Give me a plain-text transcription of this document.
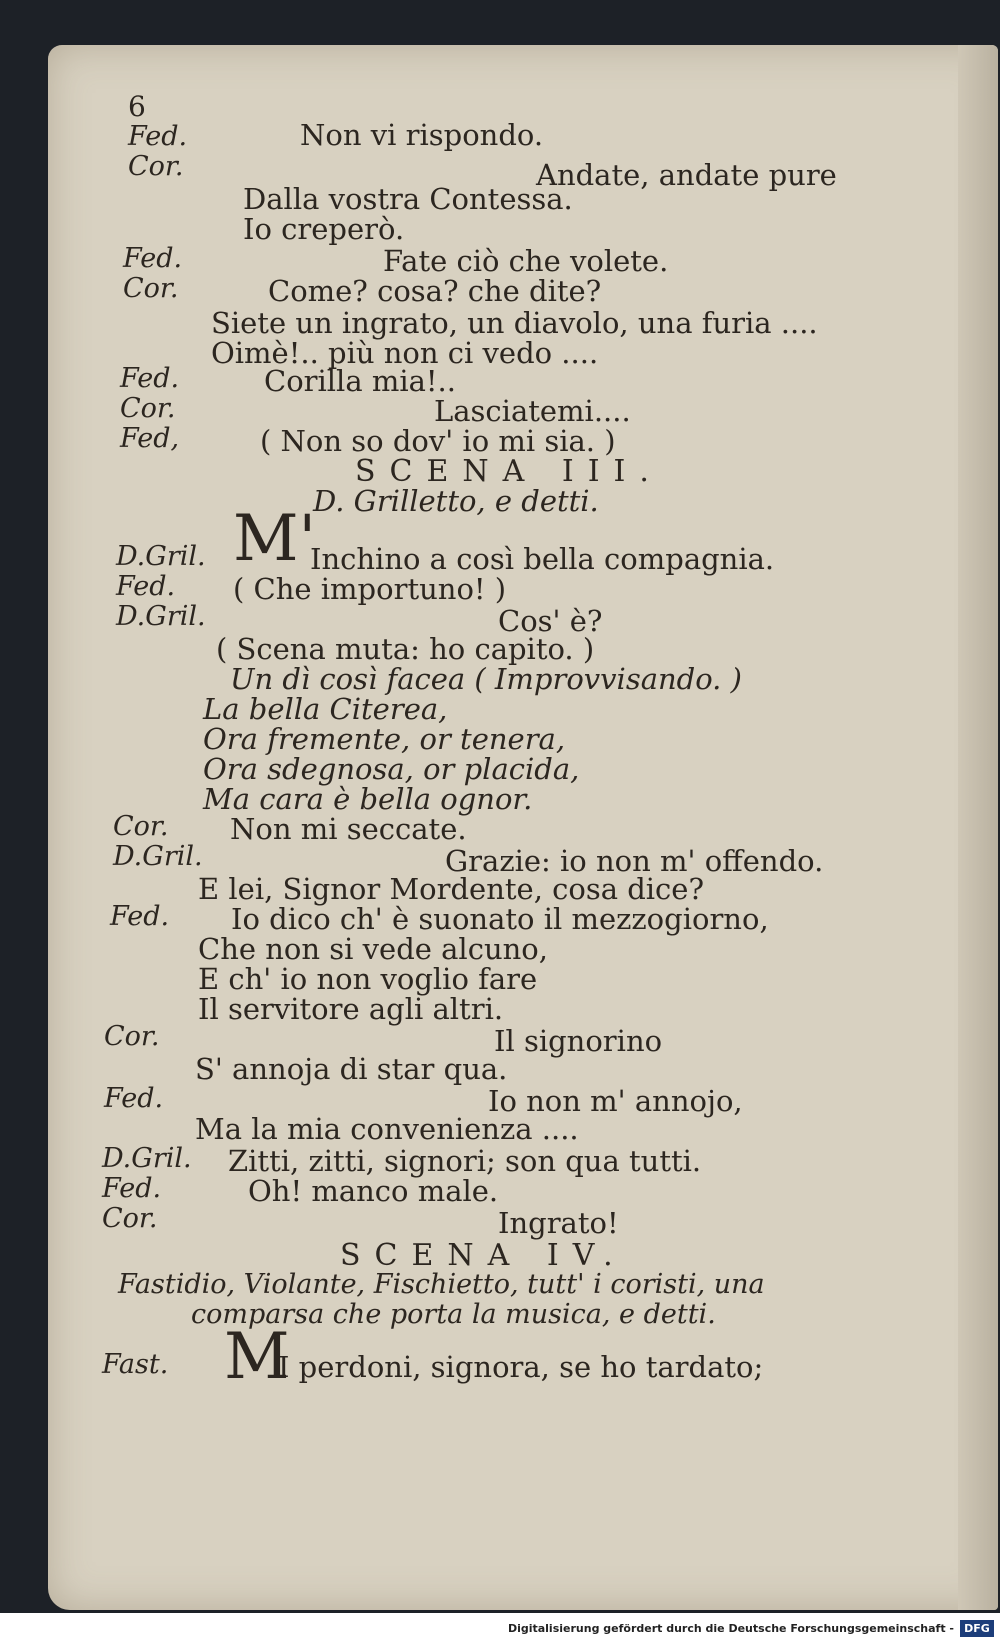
6
Fed.	Non vi rispondo.
Cor.	Andate, andate pure
Dalla vostra Contessa.
Io creperò.
Fed.	Fate ciò che volete.
Cor.	Come? cosa? che dite?
Siete un ingrato, un diavolo, una furia ....
Oimè!.. più non ci vedo ....
Fed.	Corilla mia!..
Cor.	Lasciatemi....
Fed,	( Non so dov' io mi sia. )
SCENA III.
D. Grilletto, e detti.
D.Gril. M'
Inchino a così bella compagnia.
Fed. ( Che importuno! )
D.Gril.	Cos' è?
( Scena muta: ho capito. )
Un dì così facea ( Improvvisando. )
La bella Citerea,
Ora fremente, or tenera,
Ora sdegnosa, or placida,
Ma cara è bella ognor.
Cor. Non mi seccate.
D.Gril.	Grazie: io non m' offendo.
E lei, Signor Mordente, cosa dice?
Fed. Io dico ch' è suonato il mezzogiorno,
Che non si vede alcuno,
E ch' io non voglio fare
Il servitore agli altri.
Cor.	Il signorino
S' annoja di star qua.
Fed.	Io non m' annojo,
Ma la mia convenienza ....
D.Gril. Zitti, zitti, signori; son qua tutti.
Fed.	Oh! manco male.
Cor.	Ingrato!
SCENA IV.
Fastidio, Violante, Fischietto, tutt' i coristi, una
comparsa che porta la musica, e detti.
Fast. M
I perdoni, signora, se ho tardato;
Digitalisierung gefördert durch die Deutsche Forschungsgemeinschaft - DFG
